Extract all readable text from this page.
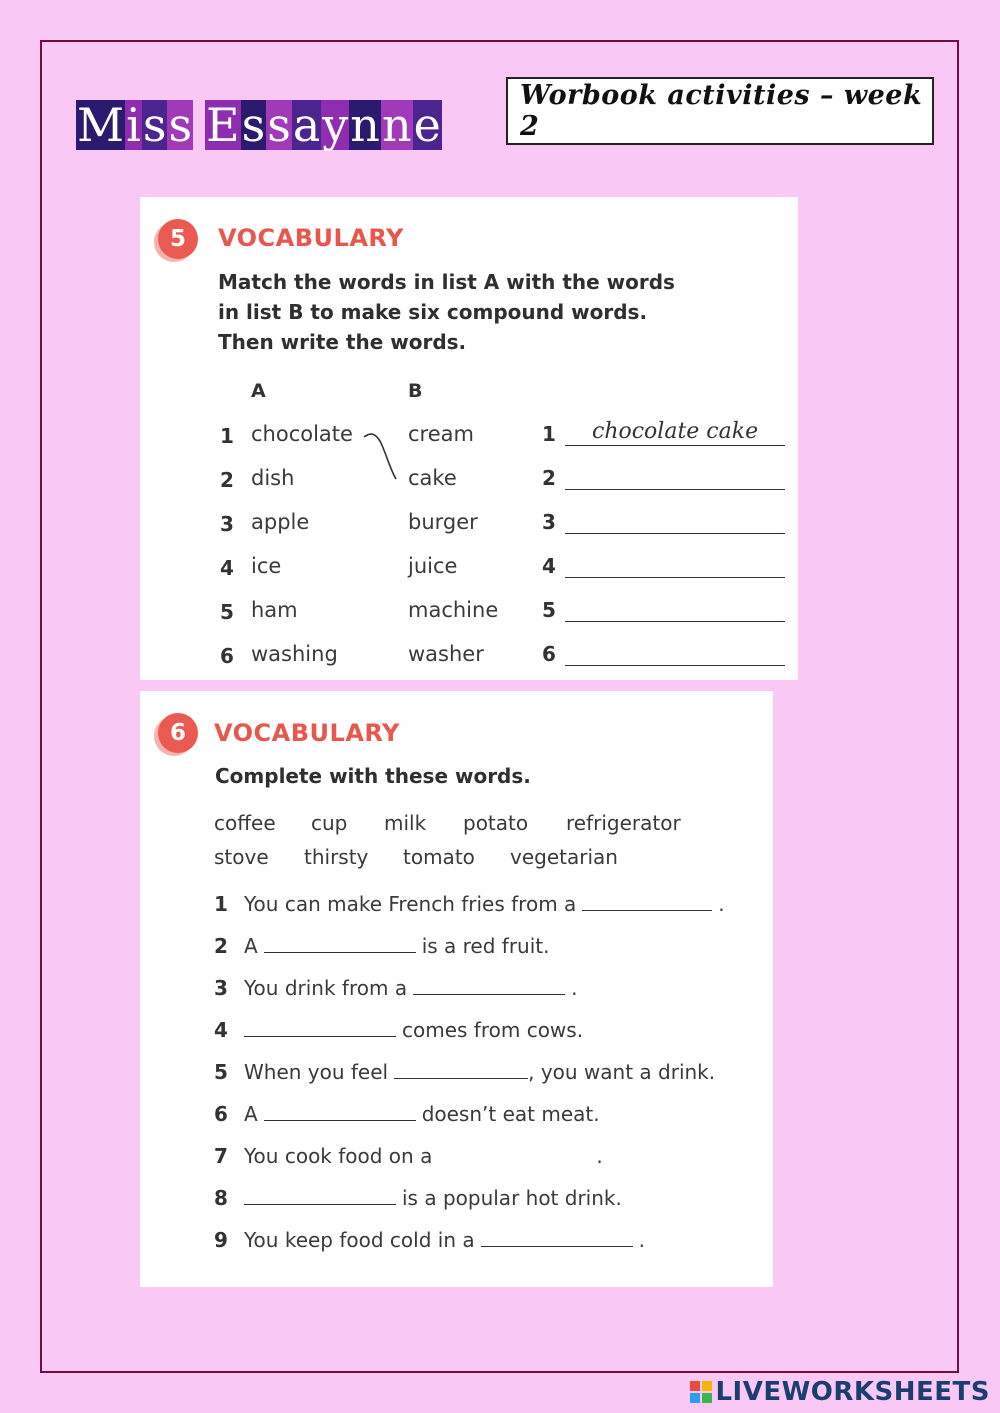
M i s s E s s a y n n e
Worbook activities – week 2
5	VOCABULARY
Match the words in list A with the words
in list B to make six compound words.
Then write the words.
A	B
1 chocolate	cream	1 chocolate cake
2 dish	cake	2
3 apple	burger	3
4 ice	juice	4
5 ham	machine 5
6 washing	washer	6
6	VOCABULARY
Complete with these words.
coffee cup milk potato refrigerator
stove thirsty tomato vegetarian
1 You can make French fries from a	.
2 A	is a red fruit.
3 You drink from a	.
4	comes from cows.
5 When you feel	, you want a drink.
6 A	doesn’t eat meat.
7 You cook food on a	.
8	is a popular hot drink.
9 You keep food cold in a	.
LIVEWORKSHEETS
